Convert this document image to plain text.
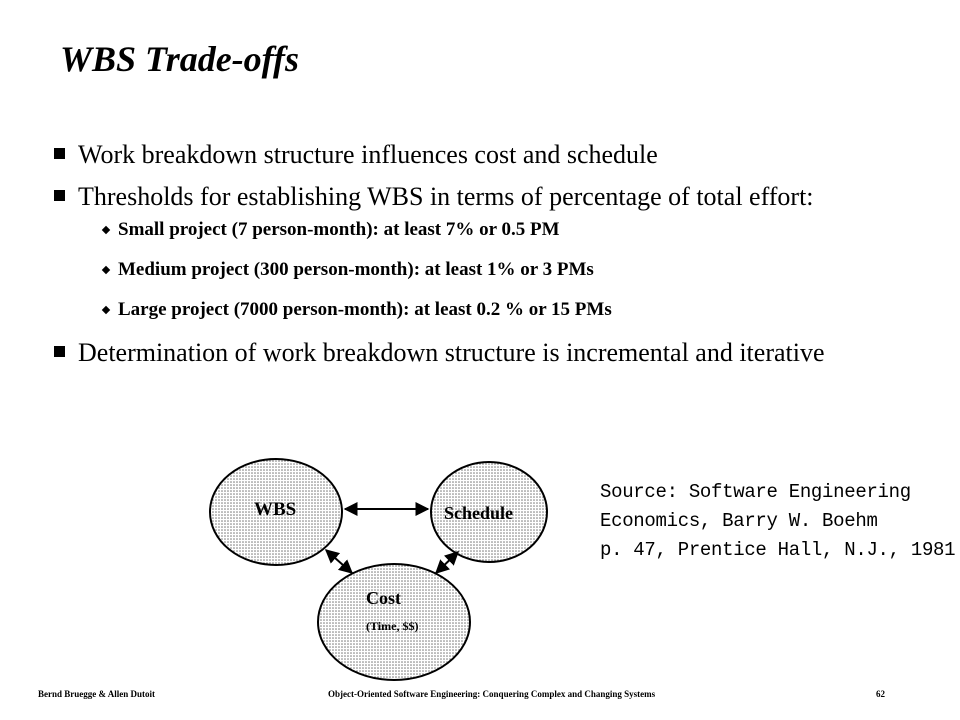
WBS Trade-offs
Work breakdown structure influences cost and schedule
Thresholds for establishing WBS in terms of percentage of total effort:
Small project (7 person-month): at least 7% or 0.5 PM
Medium project (300 person-month): at least 1% or 3 PMs
Large project (7000 person-month): at least 0.2 % or 15 PMs
Determination of work breakdown structure is incremental and iterative
WBS	Schedule
Cost
(Time, $$)
Source: Software Engineering
Economics, Barry W. Boehm
p. 47, Prentice Hall, N.J., 1981
Bernd Bruegge & Allen Dutoit	Object-Oriented Software Engineering: Conquering Complex and Changing Systems	62
